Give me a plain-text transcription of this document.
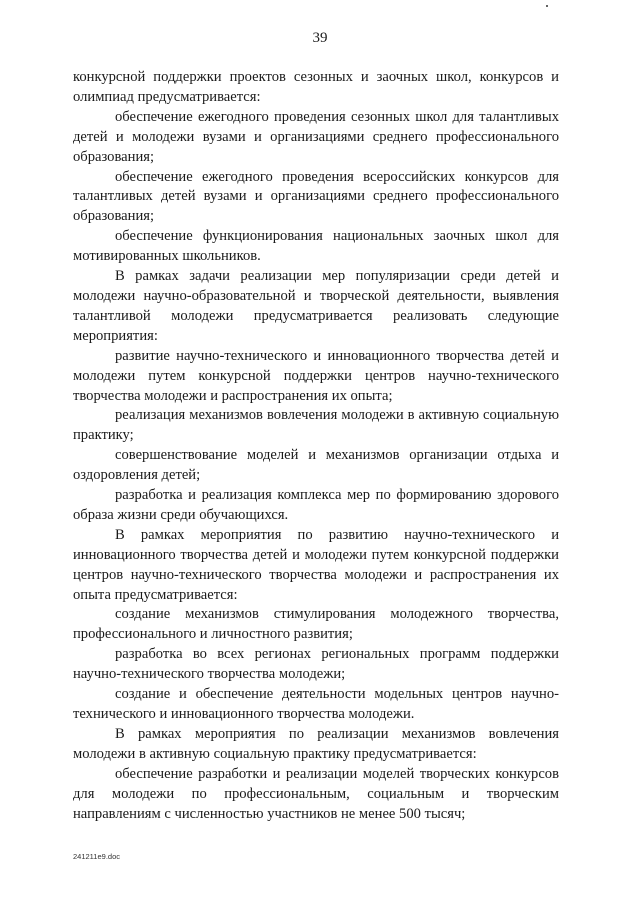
39

конкурсной поддержки проектов сезонных и заочных школ, конкурсов и олимпиад предусматривается:

обеспечение ежегодного проведения сезонных школ для талантливых детей и молодежи вузами и организациями среднего профессионального образования;

обеспечение ежегодного проведения всероссийских конкурсов для талантливых детей вузами и организациями среднего профессионального образования;

обеспечение функционирования национальных заочных школ для мотивированных школьников.

В рамках задачи реализации мер популяризации среди детей и молодежи научно-образовательной и творческой деятельности, выявления талантливой молодежи предусматривается реализовать следующие мероприятия:

развитие научно-технического и инновационного творчества детей и молодежи путем конкурсной поддержки центров научно-технического творчества молодежи и распространения их опыта;

реализация механизмов вовлечения молодежи в активную социальную практику;

совершенствование моделей и механизмов организации отдыха и оздоровления детей;

разработка и реализация комплекса мер по формированию здорового образа жизни среди обучающихся.

В рамках мероприятия по развитию научно-технического и инновационного творчества детей и молодежи путем конкурсной поддержки центров научно-технического творчества молодежи и распространения их опыта предусматривается:

создание механизмов стимулирования молодежного творчества, профессионального и личностного развития;

разработка во всех регионах региональных программ поддержки научно-технического творчества молодежи;

создание и обеспечение деятельности модельных центров научно-технического и инновационного творчества молодежи.

В рамках мероприятия по реализации механизмов вовлечения молодежи в активную социальную практику предусматривается:

обеспечение разработки и реализации моделей творческих конкурсов для молодежи по профессиональным, социальным и творческим направлениям с численностью участников не менее 500 тысяч;

241211e9.doc
